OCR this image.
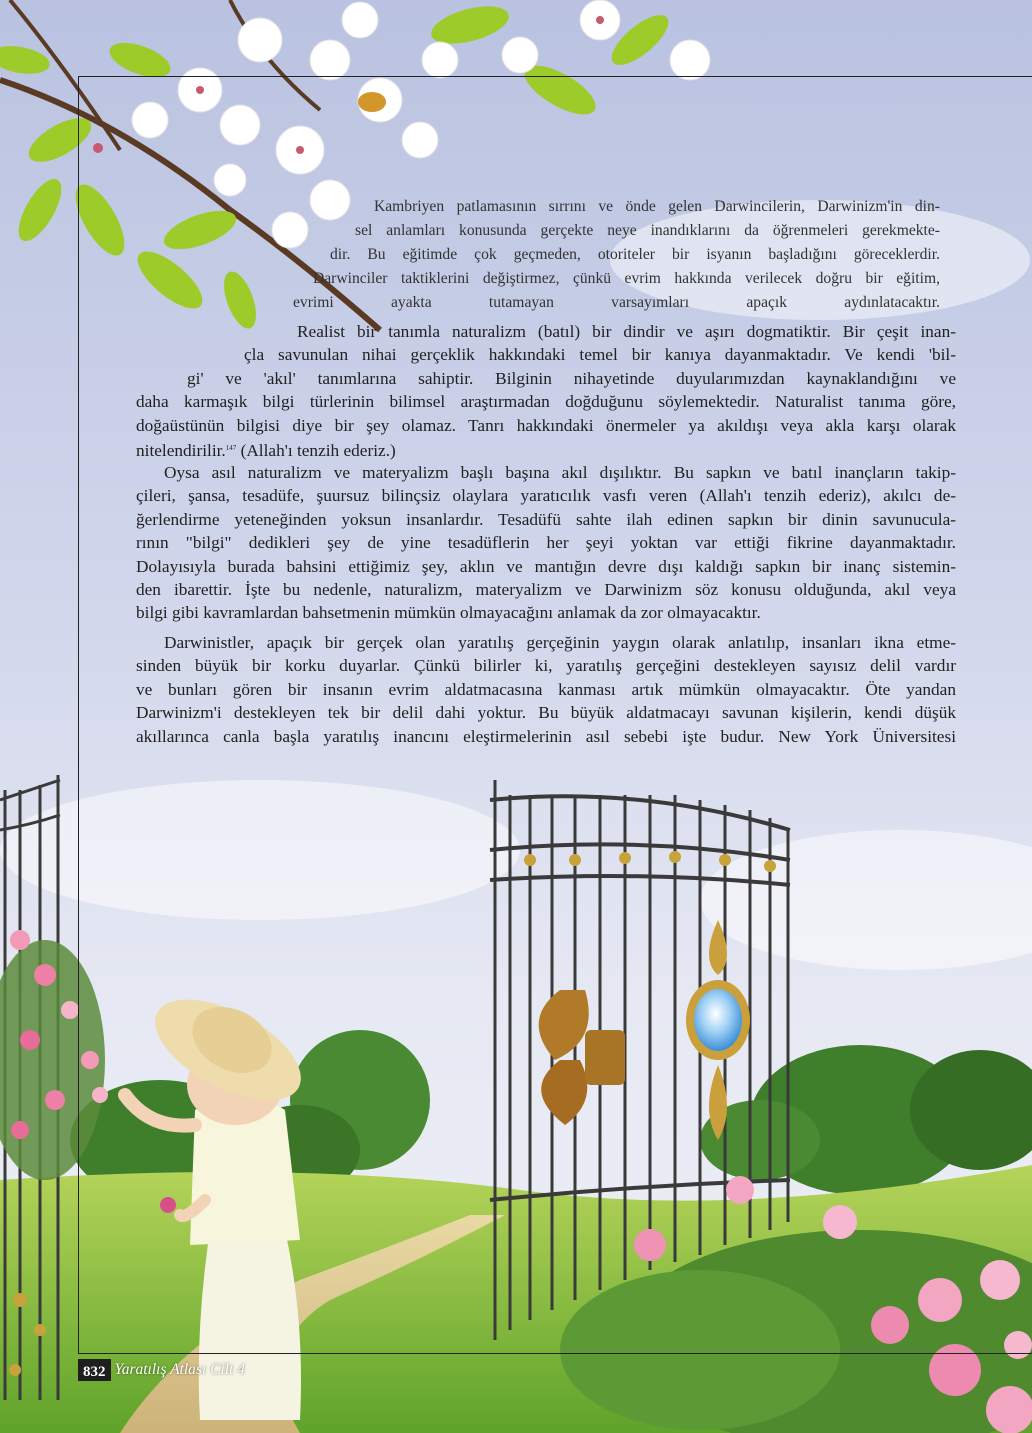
Kambriyen patlamasının sırrını ve önde gelen Darwincilerin, Darwinizm'in din-
sel anlamları konusunda gerçekte neye inandıklarını da öğrenmeleri gerekmekte-
dir. Bu eğitimde çok geçmeden, otoriteler bir isyanın başladığını göreceklerdir.
Darwinciler taktiklerini değiştirmez, çünkü evrim hakkında verilecek doğru bir eğitim,
evrimi ayakta tutamayan varsayımları apaçık aydınlatacaktır.
Realist bir tanımla naturalizm (batıl) bir dindir ve aşırı dogmatiktir. Bir çeşit inan-
çla savunulan nihai gerçeklik hakkındaki temel bir kanıya dayanmaktadır. Ve kendi 'bil-
gi' ve 'akıl' tanımlarına sahiptir. Bilginin nihayetinde duyularımızdan kaynaklandığını ve
daha karmaşık bilgi türlerinin bilimsel araştırmadan doğduğunu söylemektedir. Naturalist tanıma göre,
doğaüstünün bilgisi diye bir şey olamaz. Tanrı hakkındaki önermeler ya akıldışı veya akla karşı olarak
nitelendirilir.$^{147}$ (Allah'ı tenzih ederiz.)
Oysa asıl naturalizm ve materyalizm başlı başına akıl dışılıktır. Bu sapkın ve batıl inançların takip-
çileri, şansa, tesadüfe, şuursuz bilinçsiz olaylara yaratıcılık vasfı veren (Allah'ı tenzih ederiz), akılcı de-
ğerlendirme yeteneğinden yoksun insanlardır. Tesadüfü sahte ilah edinen sapkın bir dinin savunucula-
rının "bilgi" dedikleri şey de yine tesadüflerin her şeyi yoktan var ettiği fikrine dayanmaktadır.
Dolayısıyla burada bahsini ettiğimiz şey, aklın ve mantığın devre dışı kaldığı sapkın bir inanç sistemin-
den ibarettir. İşte bu nedenle, naturalizm, materyalizm ve Darwinizm söz konusu olduğunda, akıl veya
bilgi gibi kavramlardan bahsetmenin mümkün olmayacağını anlamak da zor olmayacaktır.
Darwinistler, apaçık bir gerçek olan yaratılış gerçeğinin yaygın olarak anlatılıp, insanları ikna etme-
sinden büyük bir korku duyarlar. Çünkü bilirler ki, yaratılış gerçeğini destekleyen sayısız delil vardır
ve bunları gören bir insanın evrim aldatmacasına kanması artık mümkün olmayacaktır. Öte yandan
Darwinizm'i destekleyen tek bir delil dahi yoktur. Bu büyük aldatmacayı savunan kişilerin, kendi düşük
akıllarınca canla başla yaratılış inancını eleştirmelerinin asıl sebebi işte budur. New York Üniversitesi
832 Yaratılış Atlası Cilt 4
